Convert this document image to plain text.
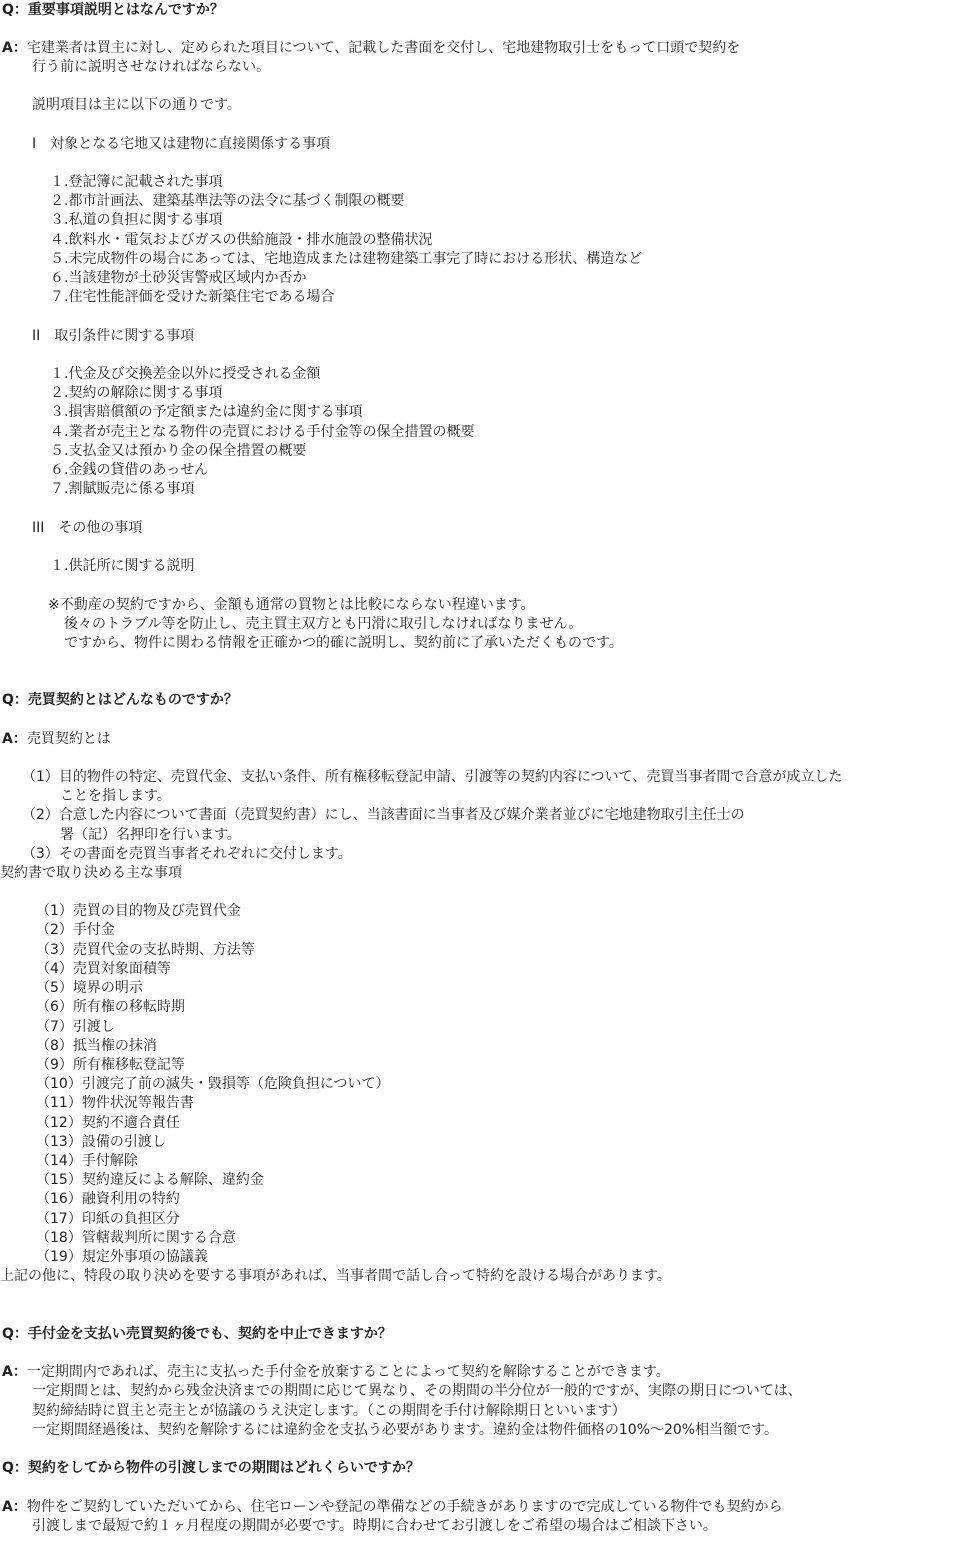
Q：重要事項説明とはなんですか？
A：宅建業者は買主に対し、定められた項目について、記載した書面を交付し、宅地建物取引士をもって口頭で契約を
行う前に説明させなければならない。
説明項目は主に以下の通りです。
I　対象となる宅地又は建物に直接関係する事項
１.登記簿に記載された事項
２.都市計画法、建築基準法等の法令に基づく制限の概要
３.私道の負担に関する事項
４.飲料水・電気およびガスの供給施設・排水施設の整備状況
５.未完成物件の場合にあっては、宅地造成または建物建築工事完了時における形状、構造など
６.当該建物が土砂災害警戒区域内か否か
７.住宅性能評価を受けた新築住宅である場合
II　取引条件に関する事項
１.代金及び交換差金以外に授受される金額
２.契約の解除に関する事項
３.損害賠償額の予定額または違約金に関する事項
４.業者が売主となる物件の売買における手付金等の保全措置の概要
５.支払金又は預かり金の保全措置の概要
６.金銭の貸借のあっせん
７.割賦販売に係る事項
III　その他の事項
１.供託所に関する説明
※不動産の契約ですから、金額も通常の買物とは比較にならない程違います。
後々のトラブル等を防止し、売主買主双方とも円滑に取引しなければなりません。
ですから、物件に関わる情報を正確かつ的確に説明し、契約前に了承いただくものです。
Q：売買契約とはどんなものですか？
A：売買契約とは
（1）目的物件の特定、売買代金、支払い条件、所有権移転登記申請、引渡等の契約内容について、売買当事者間で合意が成立した
ことを指します。
（2）合意した内容について書面（売買契約書）にし、当該書面に当事者及び媒介業者並びに宅地建物取引主任士の
署（記）名押印を行います。
（3）その書面を売買当事者それぞれに交付します。
契約書で取り決める主な事項
（1）売買の目的物及び売買代金
（2）手付金
（3）売買代金の支払時期、方法等
（4）売買対象面積等
（5）境界の明示
（6）所有権の移転時期
（7）引渡し
（8）抵当権の抹消
（9）所有権移転登記等
（10）引渡完了前の滅失・毀損等（危険負担について）
（11）物件状況等報告書
（12）契約不適合責任
（13）設備の引渡し
（14）手付解除
（15）契約違反による解除、違約金
（16）融資利用の特約
（17）印紙の負担区分
（18）管轄裁判所に関する合意
（19）規定外事項の協議義
上記の他に、特段の取り決めを要する事項があれば、当事者間で話し合って特約を設ける場合があります。
Q：手付金を支払い売買契約後でも、契約を中止できますか？
A：一定期間内であれば、売主に支払った手付金を放棄することによって契約を解除することができます。
一定期間とは、契約から残金決済までの期間に応じて異なり、その期間の半分位が一般的ですが、実際の期日については、
契約締結時に買主と売主とが協議のうえ決定します。（この期間を手付け解除期日といいます）
一定期間経過後は、契約を解除するには違約金を支払う必要があります。違約金は物件価格の10%～20%相当額です。
Q：契約をしてから物件の引渡しまでの期間はどれくらいですか？
A：物件をご契約していただいてから、住宅ローンや登記の準備などの手続きがありますので完成している物件でも契約から
引渡しまで最短で約１ヶ月程度の期間が必要です。時期に合わせてお引渡しをご希望の場合はご相談下さい。
